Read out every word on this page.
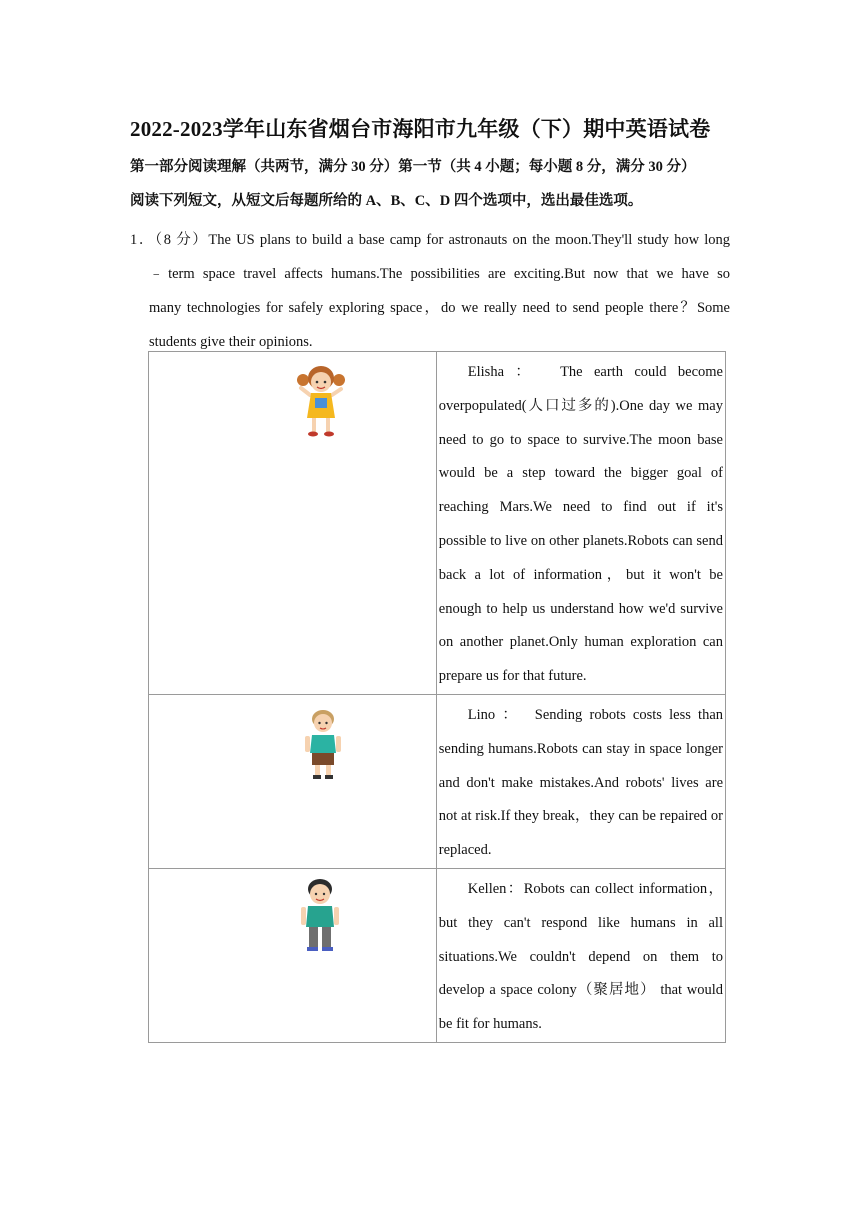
2022-2023学年山东省烟台市海阳市九年级（下）期中英语试卷
第一部分阅读理解（共两节，满分 30 分）第一节（共 4 小题；每小题 8 分，满分 30 分）
阅读下列短文，从短文后每题所给的 A、B、C、D 四个选项中，选出最佳选项。
1．（8 分）The US plans to build a base camp for astronauts on the moon.They'll study how long
﹣term space travel affects humans.The possibilities are exciting.But now that we have so
many technologies for safely exploring space，do we really need to send people there？Some
students give their opinions.

Elisha ： The earth could become overpopulated(人口过多的).One day we may need to go to space to survive.The moon base would be a step toward the bigger goal of reaching Mars.We need to find out if it's possible to live on other planets.Robots can send back a lot of information，but it won't be enough to help us understand how we'd survive on another planet.Only human exploration can prepare us for that future.

Lino ： Sending robots costs less than sending humans.Robots can stay in space longer and don't make mistakes.And robots' lives are not at risk.If they break，they can be repaired or replaced.

Kellen：Robots can collect information，but they can't respond like humans in all situations.We couldn't depend on them to develop a space colony（聚居地） that would be fit for humans.
